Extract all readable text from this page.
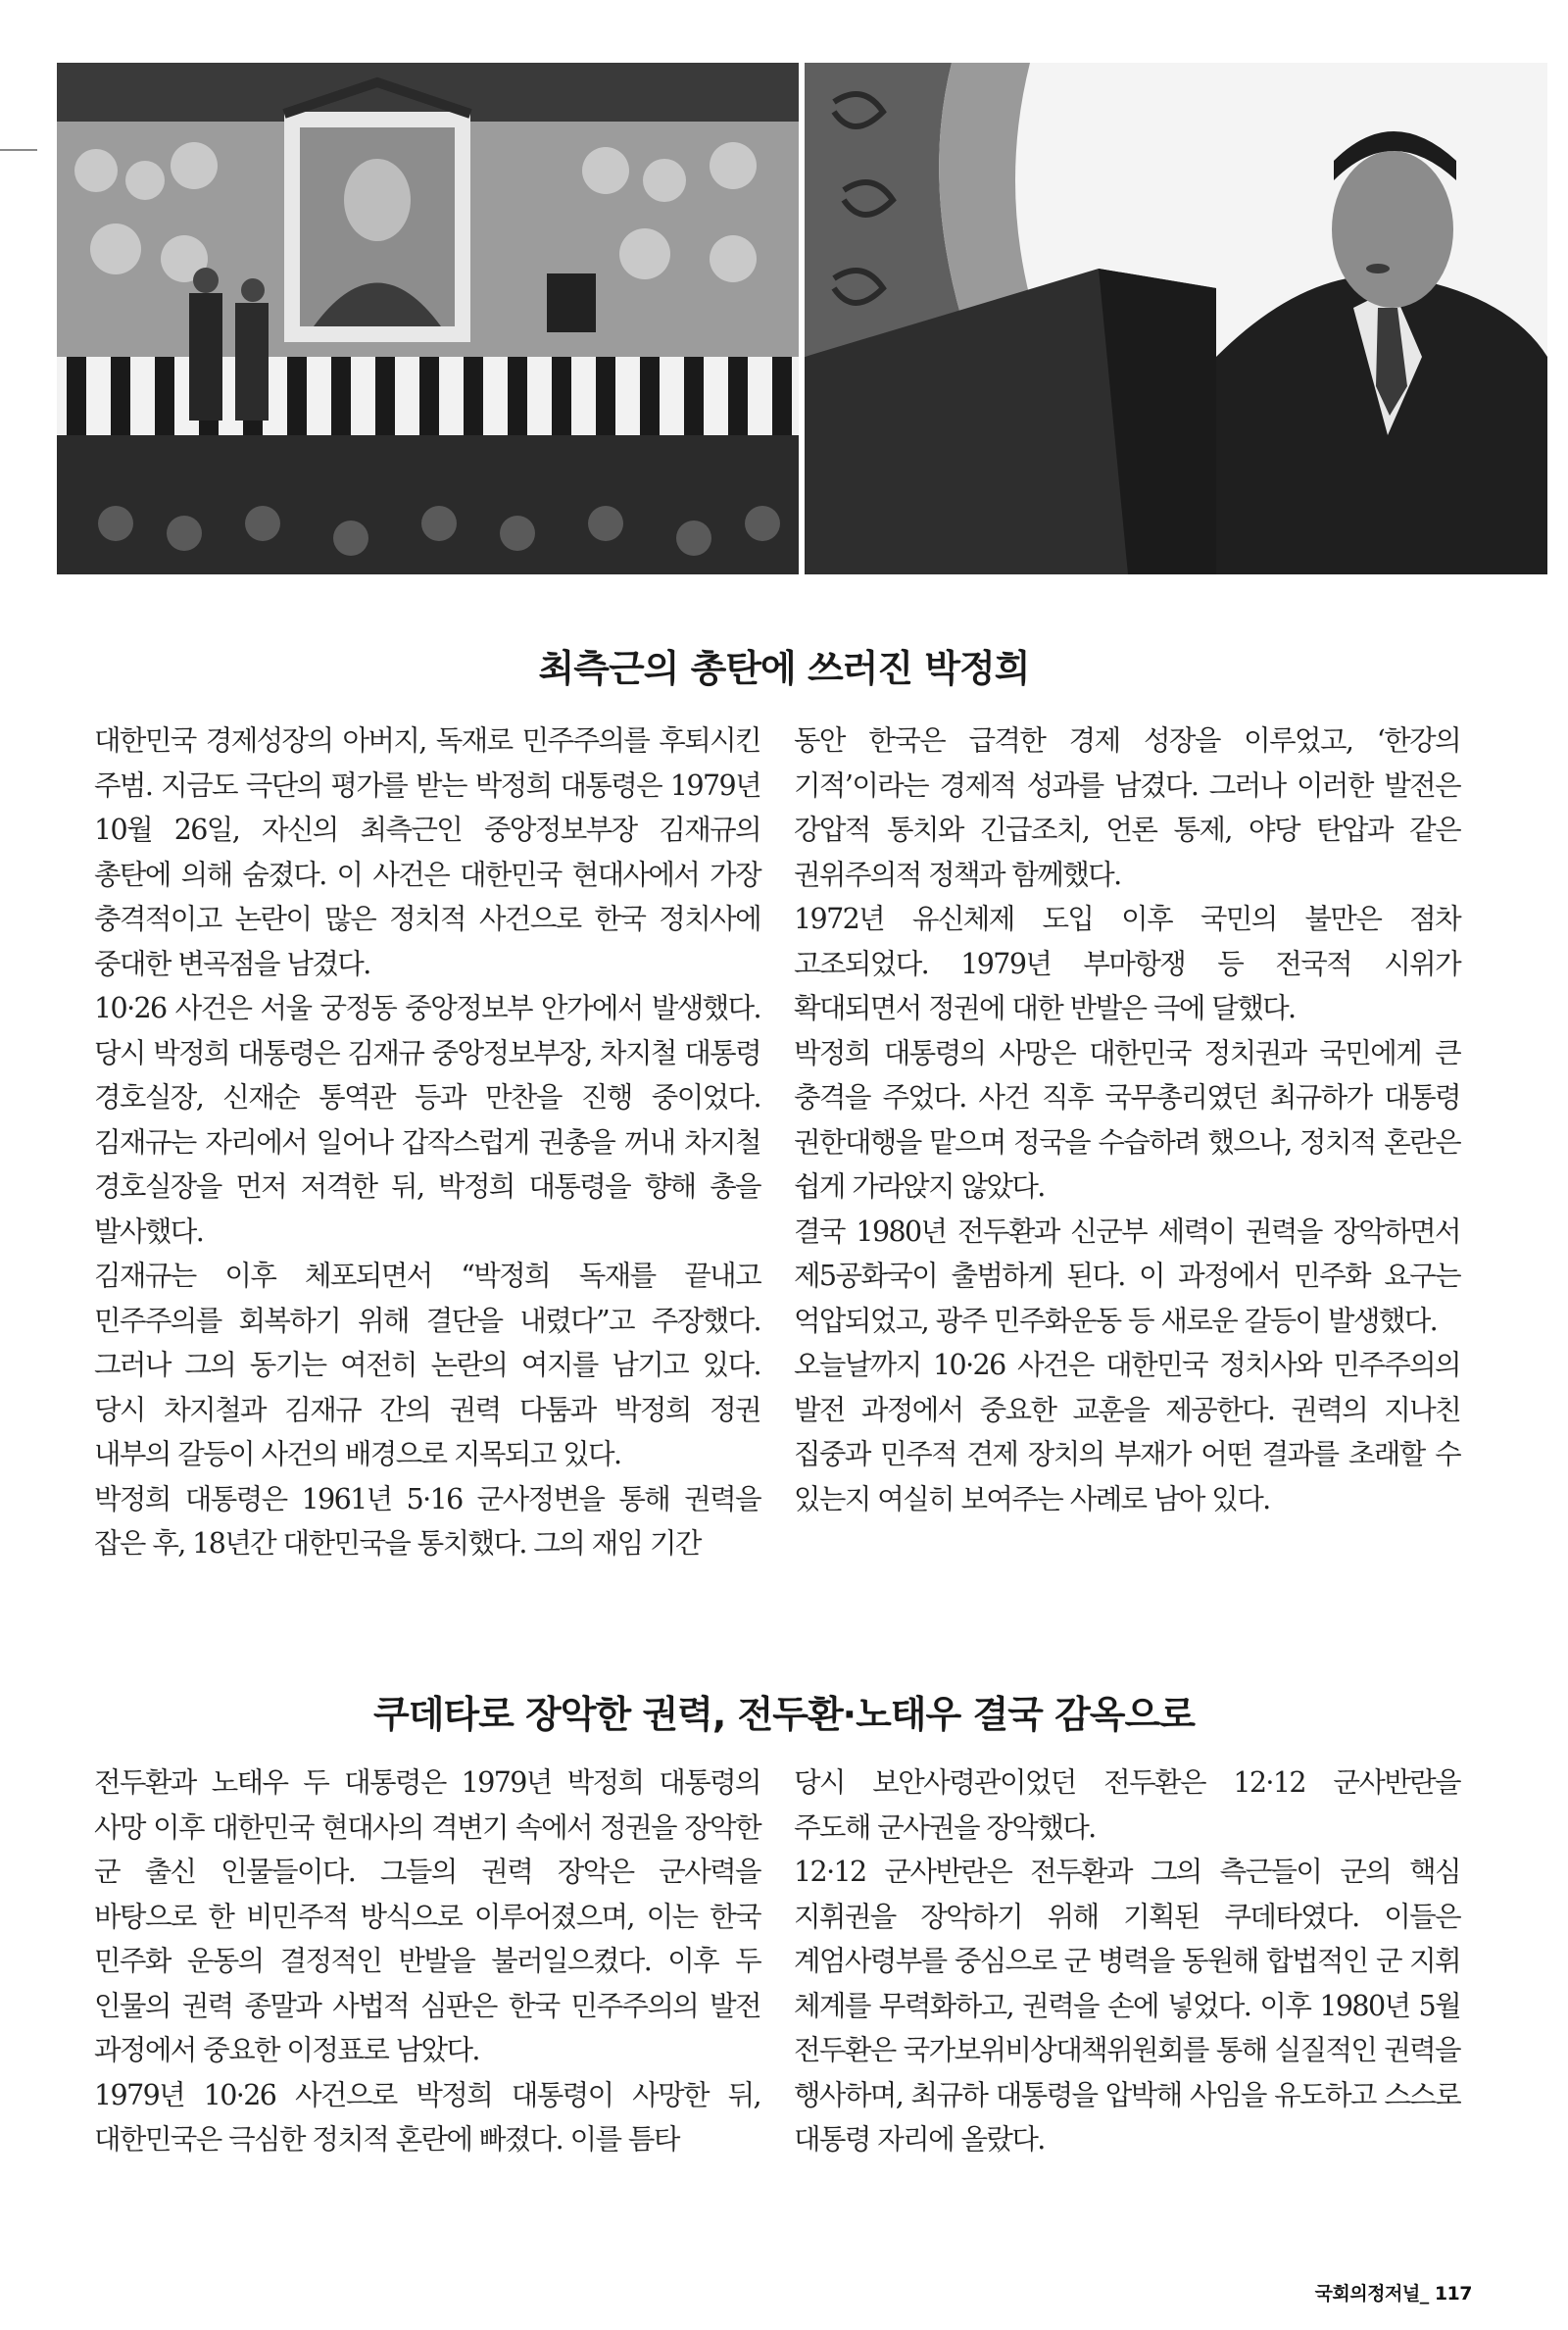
최측근의 총탄에 쓰러진 박정희

대한민국 경제성장의 아버지, 독재로 민주주의를 후퇴시킨 주범. 지금도 극단의 평가를 받는 박정희 대통령은 1979년 10월 26일, 자신의 최측근인 중앙정보부장 김재규의 총탄에 의해 숨졌다. 이 사건은 대한민국 현대사에서 가장 충격적이고 논란이 많은 정치적 사건으로 한국 정치사에 중대한 변곡점을 남겼다.

10·26 사건은 서울 궁정동 중앙정보부 안가에서 발생했다. 당시 박정희 대통령은 김재규 중앙정보부장, 차지철 대통령 경호실장, 신재순 통역관 등과 만찬을 진행 중이었다. 김재규는 자리에서 일어나 갑작스럽게 권총을 꺼내 차지철 경호실장을 먼저 저격한 뒤, 박정희 대통령을 향해 총을 발사했다.

김재규는 이후 체포되면서 “박정희 독재를 끝내고 민주주의를 회복하기 위해 결단을 내렸다”고 주장했다. 그러나 그의 동기는 여전히 논란의 여지를 남기고 있다. 당시 차지철과 김재규 간의 권력 다툼과 박정희 정권 내부의 갈등이 사건의 배경으로 지목되고 있다.

박정희 대통령은 1961년 5·16 군사정변을 통해 권력을 잡은 후, 18년간 대한민국을 통치했다. 그의 재임 기간

동안 한국은 급격한 경제 성장을 이루었고, ‘한강의 기적’이라는 경제적 성과를 남겼다. 그러나 이러한 발전은 강압적 통치와 긴급조치, 언론 통제, 야당 탄압과 같은 권위주의적 정책과 함께했다.

1972년 유신체제 도입 이후 국민의 불만은 점차 고조되었다. 1979년 부마항쟁 등 전국적 시위가 확대되면서 정권에 대한 반발은 극에 달했다.

박정희 대통령의 사망은 대한민국 정치권과 국민에게 큰 충격을 주었다. 사건 직후 국무총리였던 최규하가 대통령 권한대행을 맡으며 정국을 수습하려 했으나, 정치적 혼란은 쉽게 가라앉지 않았다.

결국 1980년 전두환과 신군부 세력이 권력을 장악하면서 제5공화국이 출범하게 된다. 이 과정에서 민주화 요구는 억압되었고, 광주 민주화운동 등 새로운 갈등이 발생했다.

오늘날까지 10·26 사건은 대한민국 정치사와 민주주의의 발전 과정에서 중요한 교훈을 제공한다. 권력의 지나친 집중과 민주적 견제 장치의 부재가 어떤 결과를 초래할 수 있는지 여실히 보여주는 사례로 남아 있다.

쿠데타로 장악한 권력, 전두환·노태우 결국 감옥으로

전두환과 노태우 두 대통령은 1979년 박정희 대통령의 사망 이후 대한민국 현대사의 격변기 속에서 정권을 장악한 군 출신 인물들이다. 그들의 권력 장악은 군사력을 바탕으로 한 비민주적 방식으로 이루어졌으며, 이는 한국 민주화 운동의 결정적인 반발을 불러일으켰다. 이후 두 인물의 권력 종말과 사법적 심판은 한국 민주주의의 발전 과정에서 중요한 이정표로 남았다.

1979년 10·26 사건으로 박정희 대통령이 사망한 뒤, 대한민국은 극심한 정치적 혼란에 빠졌다. 이를 틈타

당시 보안사령관이었던 전두환은 12·12 군사반란을 주도해 군사권을 장악했다.

12·12 군사반란은 전두환과 그의 측근들이 군의 핵심 지휘권을 장악하기 위해 기획된 쿠데타였다. 이들은 계엄사령부를 중심으로 군 병력을 동원해 합법적인 군 지휘 체계를 무력화하고, 권력을 손에 넣었다. 이후 1980년 5월 전두환은 국가보위비상대책위원회를 통해 실질적인 권력을 행사하며, 최규하 대통령을 압박해 사임을 유도하고 스스로 대통령 자리에 올랐다.

국회의정저널_ 117
